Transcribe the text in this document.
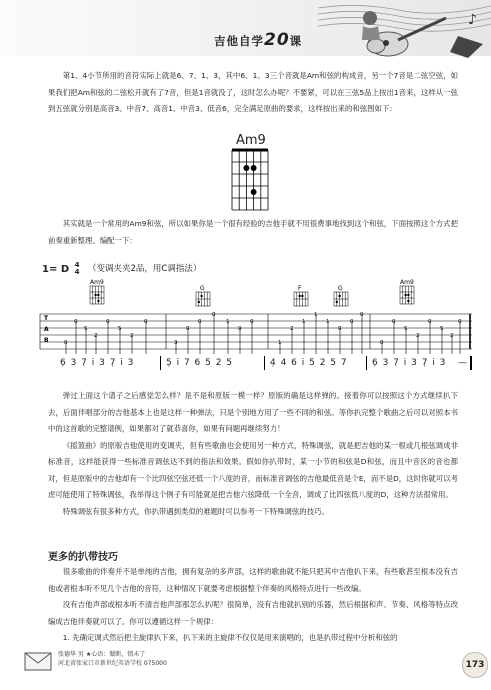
♪
吉他自学20课

第1、4小节所用的音符实际上就是6、7、1、3，其中6、1、3三个音就是Am和弦的构成音，另一个7音是二弦空弦，如果我们把Am和弦的二弦松开就有了7音，但是1音就没了，这时怎么办呢？不要紧，可以在三弦5品上按出1音来，这样从一弦到五弦就分别是高音3、中音7、高音1、中音3、低音6，完全满足原曲的要求，这样按出来的和弦图如下：

Am9

其实就是一个常用的Am9和弦，所以如果你是一个很有经验的吉他手就不用很费事地找到这个和弦，下面按照这个方式把前奏重新整理、编配一下：

1= D 4
4 （变调夹夹2品，用C调指法）
Am9
G	F	G
Am9
T
A
B	0
0
5
2
0
5
2
0
3
0
0
0
1
0
0
1
2
1
1
1
0
0
0
0
0
5
2
0
5
2
0
6̣ 3 7̣ i 3 7̣ i 3	5̣ i 7 6 5 2 5	4̣ 4 6 i 5 2 5 7	6̣ 3 7̣ i 3 7̣ i 3 —

弹过上面这个谱子之后感觉怎么样？是不是和原版一模一样？原版的确是这样弹的。接着你可以按照这个方式继续扒下去，后面伴唱部分的吉他基本上也是这样一种弹法，只是个别地方用了一些不同的和弦。等你扒完整个歌曲之后可以对照本书中的这首歌的完整谱例，如果都对了就恭喜你，如果有问题再继续努力！

《摇篮曲》的原版吉他使用的变调夹，但有些歌曲也会使用另一种方式，特殊调弦，就是把吉他的某一根或几根弦调成非标准音，这样能获得一些标准音调弦达不到的指法和效果。假如你扒带时，某一小节的和弦是D和弦，而且中音区的音也都对，但是原版中的吉他却有一个比四弦空弦还低一个八度的音，而标准音调弦的吉他最低音是个E，而不是D，这时你就可以考虑可能使用了特殊调弦，我举得这个例子有可能就是把吉他六弦降低一个全音，调成了比四弦低八度的D，这种方法很常用。

特殊调弦有很多种方式，你扒带遇到类似的难题时可以参考一下特殊调弦的技巧。

更多的扒带技巧

很多歌曲的伴奏并不是单纯的吉他，拥有复杂的多声部，这样的歌曲就不能只把其中吉他扒下来，有些歌甚至根本没有吉他或者根本听不见几个吉他的音符，这种情况下就要考虑根据整个伴奏的风格特点进行一些改编。

没有吉他声部或根本听不清吉他声部那怎么扒呢？很简单，没有吉他就扒别的乐器，然后根据和声、节奏、风格等特点改编成吉他伴奏就可以了。你可以遵循这样一个规律：

1. 先确定调式然后把主旋律扒下来，扒下来的主旋律不仅仅是用来演唱的，也是扒带过程中分析和弦的

张德华 男 ★心语：做断，情未了
河北省张家口市新世纪英语学校 075000	173
